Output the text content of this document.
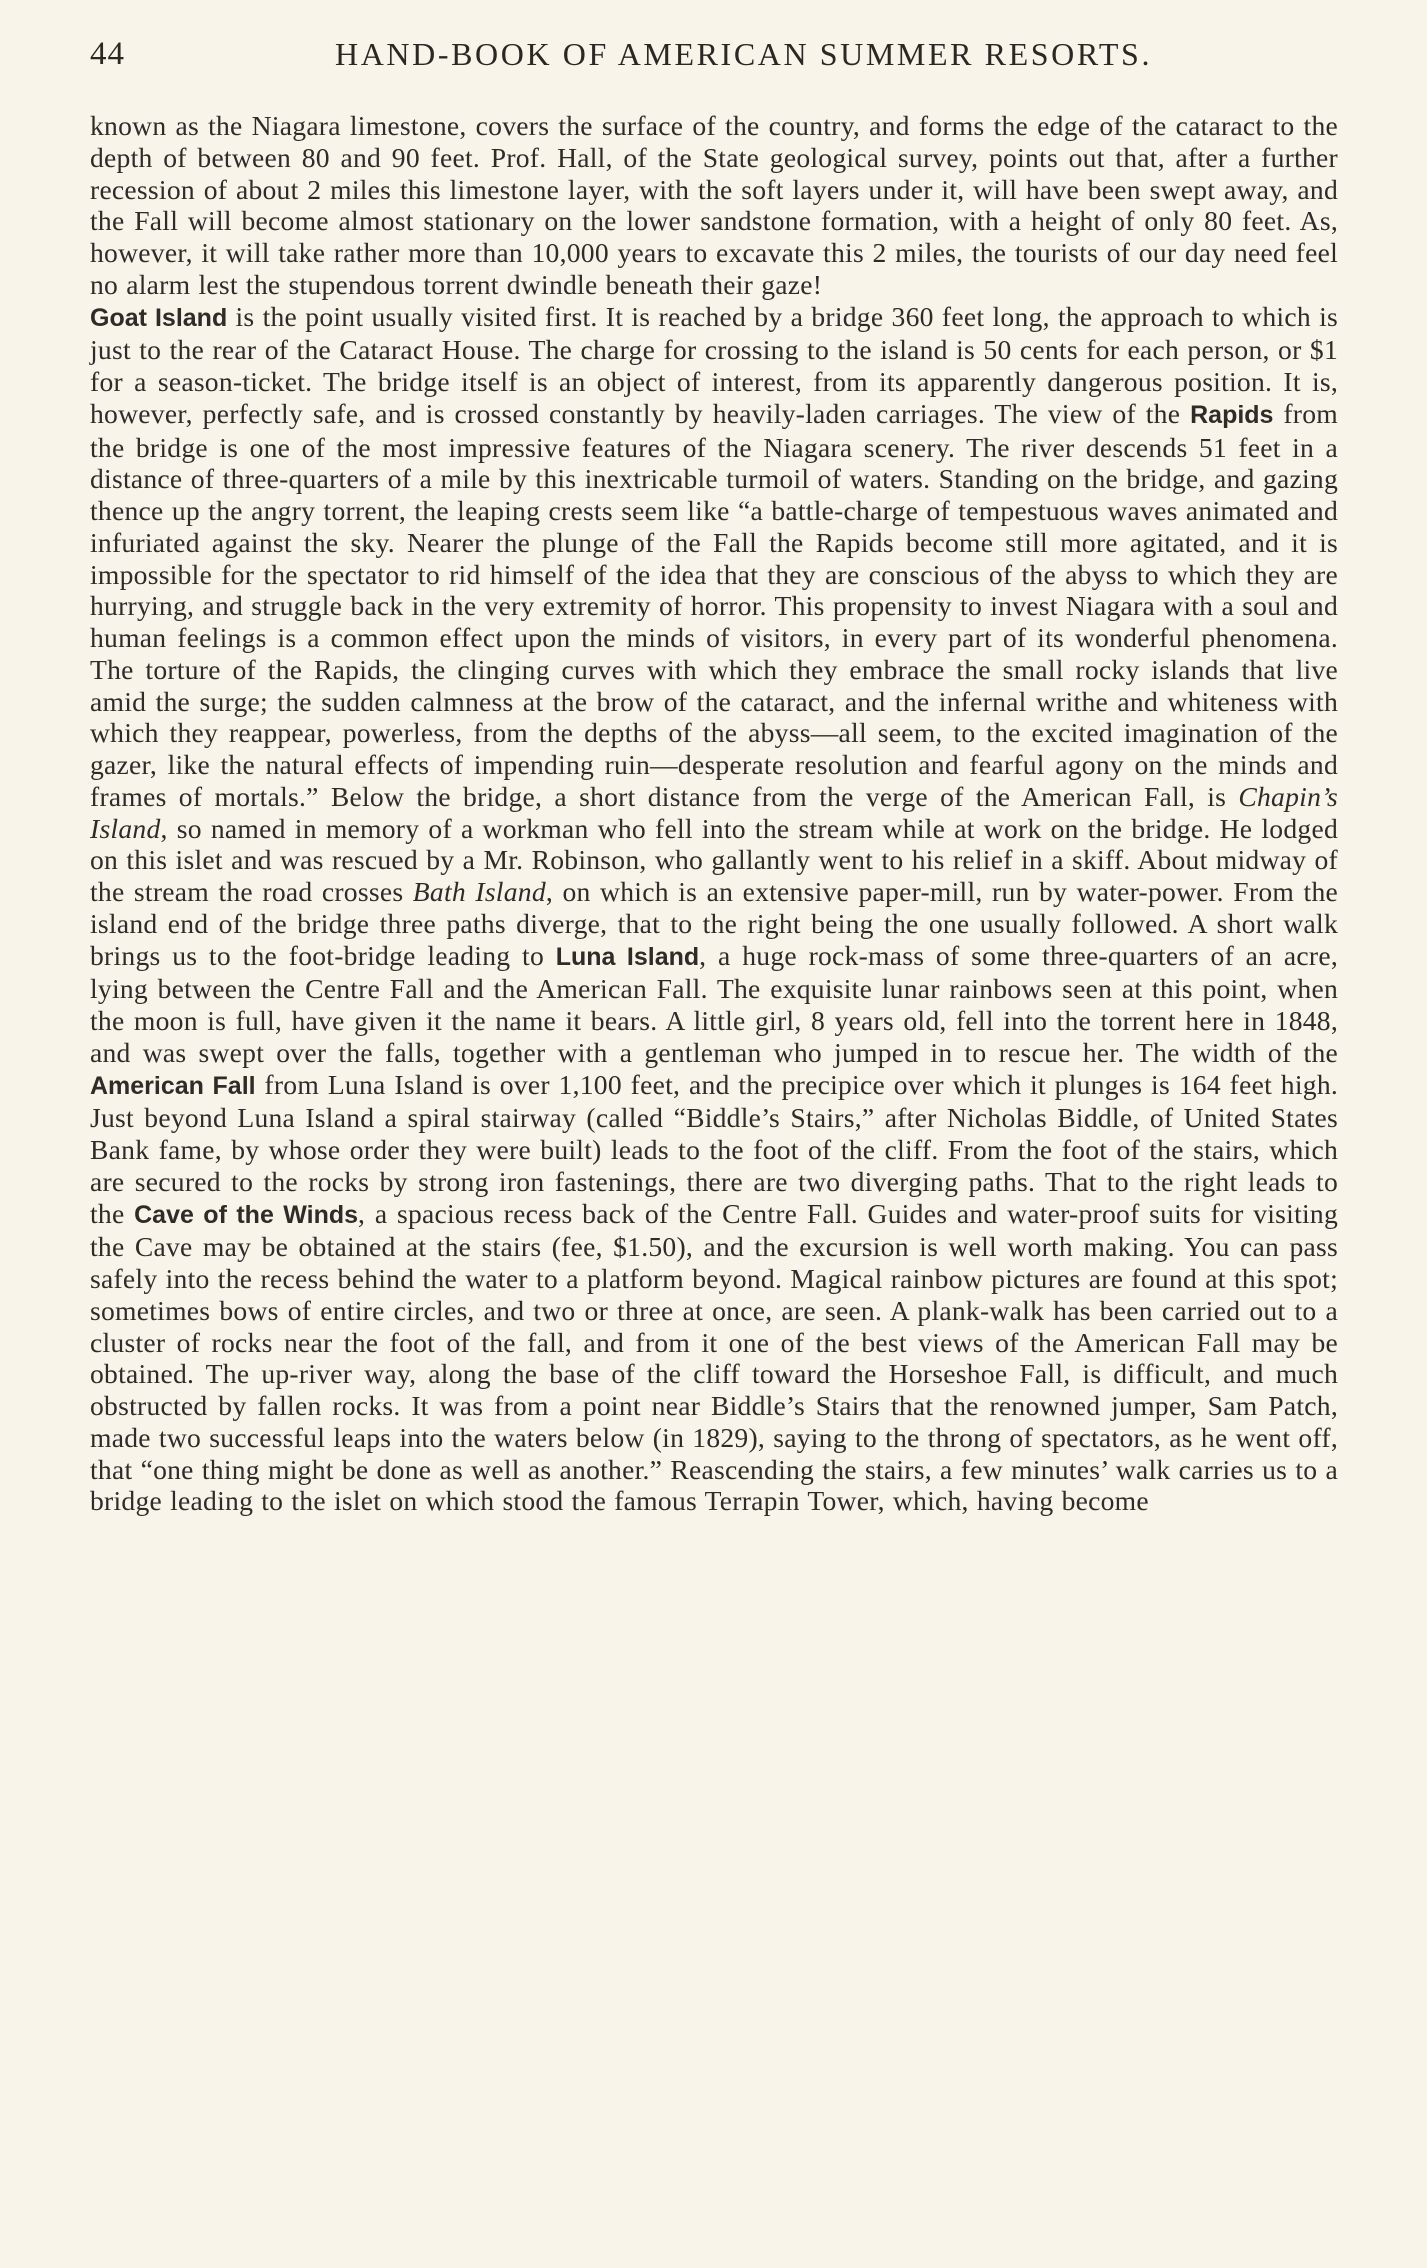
44	HAND-BOOK OF AMERICAN SUMMER RESORTS.

known as the Niagara limestone, covers the surface of the country, and forms the edge of the cataract to the depth of between 80 and 90 feet. Prof. Hall, of the State geological survey, points out that, after a further recession of about 2 miles this limestone layer, with the soft layers under it, will have been swept away, and the Fall will become almost stationary on the lower sandstone formation, with a height of only 80 feet. As, however, it will take rather more than 10,000 years to excavate this 2 miles, the tourists of our day need feel no alarm lest the stupendous torrent dwindle beneath their gaze!

Goat Island is the point usually visited first. It is reached by a bridge 360 feet long, the approach to which is just to the rear of the Cataract House. The charge for crossing to the island is 50 cents for each person, or $1 for a season-ticket. The bridge itself is an object of interest, from its apparently dangerous position. It is, however, perfectly safe, and is crossed constantly by heavily-laden carriages. The view of the Rapids from the bridge is one of the most impressive features of the Niagara scenery. The river descends 51 feet in a distance of three-quarters of a mile by this inextricable turmoil of waters. Standing on the bridge, and gazing thence up the angry torrent, the leaping crests seem like “a battle-charge of tempestuous waves animated and infuriated against the sky. Nearer the plunge of the Fall the Rapids become still more agitated, and it is impossible for the spectator to rid himself of the idea that they are conscious of the abyss to which they are hurrying, and struggle back in the very extremity of horror. This propensity to invest Niagara with a soul and human feelings is a common effect upon the minds of visitors, in every part of its wonderful phenomena. The torture of the Rapids, the clinging curves with which they embrace the small rocky islands that live amid the surge; the sudden calmness at the brow of the cataract, and the infernal writhe and whiteness with which they reappear, powerless, from the depths of the abyss—all seem, to the excited imagination of the gazer, like the natural effects of impending ruin—desperate resolution and fearful agony on the minds and frames of mortals.” Below the bridge, a short distance from the verge of the American Fall, is Chapin’s Island, so named in memory of a workman who fell into the stream while at work on the bridge. He lodged on this islet and was rescued by a Mr. Robinson, who gallantly went to his relief in a skiff. About midway of the stream the road crosses Bath Island, on which is an extensive paper-mill, run by water-power. From the island end of the bridge three paths diverge, that to the right being the one usually followed. A short walk brings us to the foot-bridge leading to Luna Island, a huge rock-mass of some three-quarters of an acre, lying between the Centre Fall and the American Fall. The exquisite lunar rainbows seen at this point, when the moon is full, have given it the name it bears. A little girl, 8 years old, fell into the torrent here in 1848, and was swept over the falls, together with a gentleman who jumped in to rescue her. The width of the American Fall from Luna Island is over 1,100 feet, and the precipice over which it plunges is 164 feet high. Just beyond Luna Island a spiral stairway (called “Biddle’s Stairs,” after Nicholas Biddle, of United States Bank fame, by whose order they were built) leads to the foot of the cliff. From the foot of the stairs, which are secured to the rocks by strong iron fastenings, there are two diverging paths. That to the right leads to the Cave of the Winds, a spacious recess back of the Centre Fall. Guides and water-proof suits for visiting the Cave may be obtained at the stairs (fee, $1.50), and the excursion is well worth making. You can pass safely into the recess behind the water to a platform beyond. Magical rainbow pictures are found at this spot; sometimes bows of entire circles, and two or three at once, are seen. A plank-walk has been carried out to a cluster of rocks near the foot of the fall, and from it one of the best views of the American Fall may be obtained. The up-river way, along the base of the cliff toward the Horseshoe Fall, is difficult, and much obstructed by fallen rocks. It was from a point near Biddle’s Stairs that the renowned jumper, Sam Patch, made two successful leaps into the waters below (in 1829), saying to the throng of spectators, as he went off, that “one thing might be done as well as another.” Reascending the stairs, a few minutes’ walk carries us to a bridge leading to the islet on which stood the famous Terrapin Tower, which, having become
